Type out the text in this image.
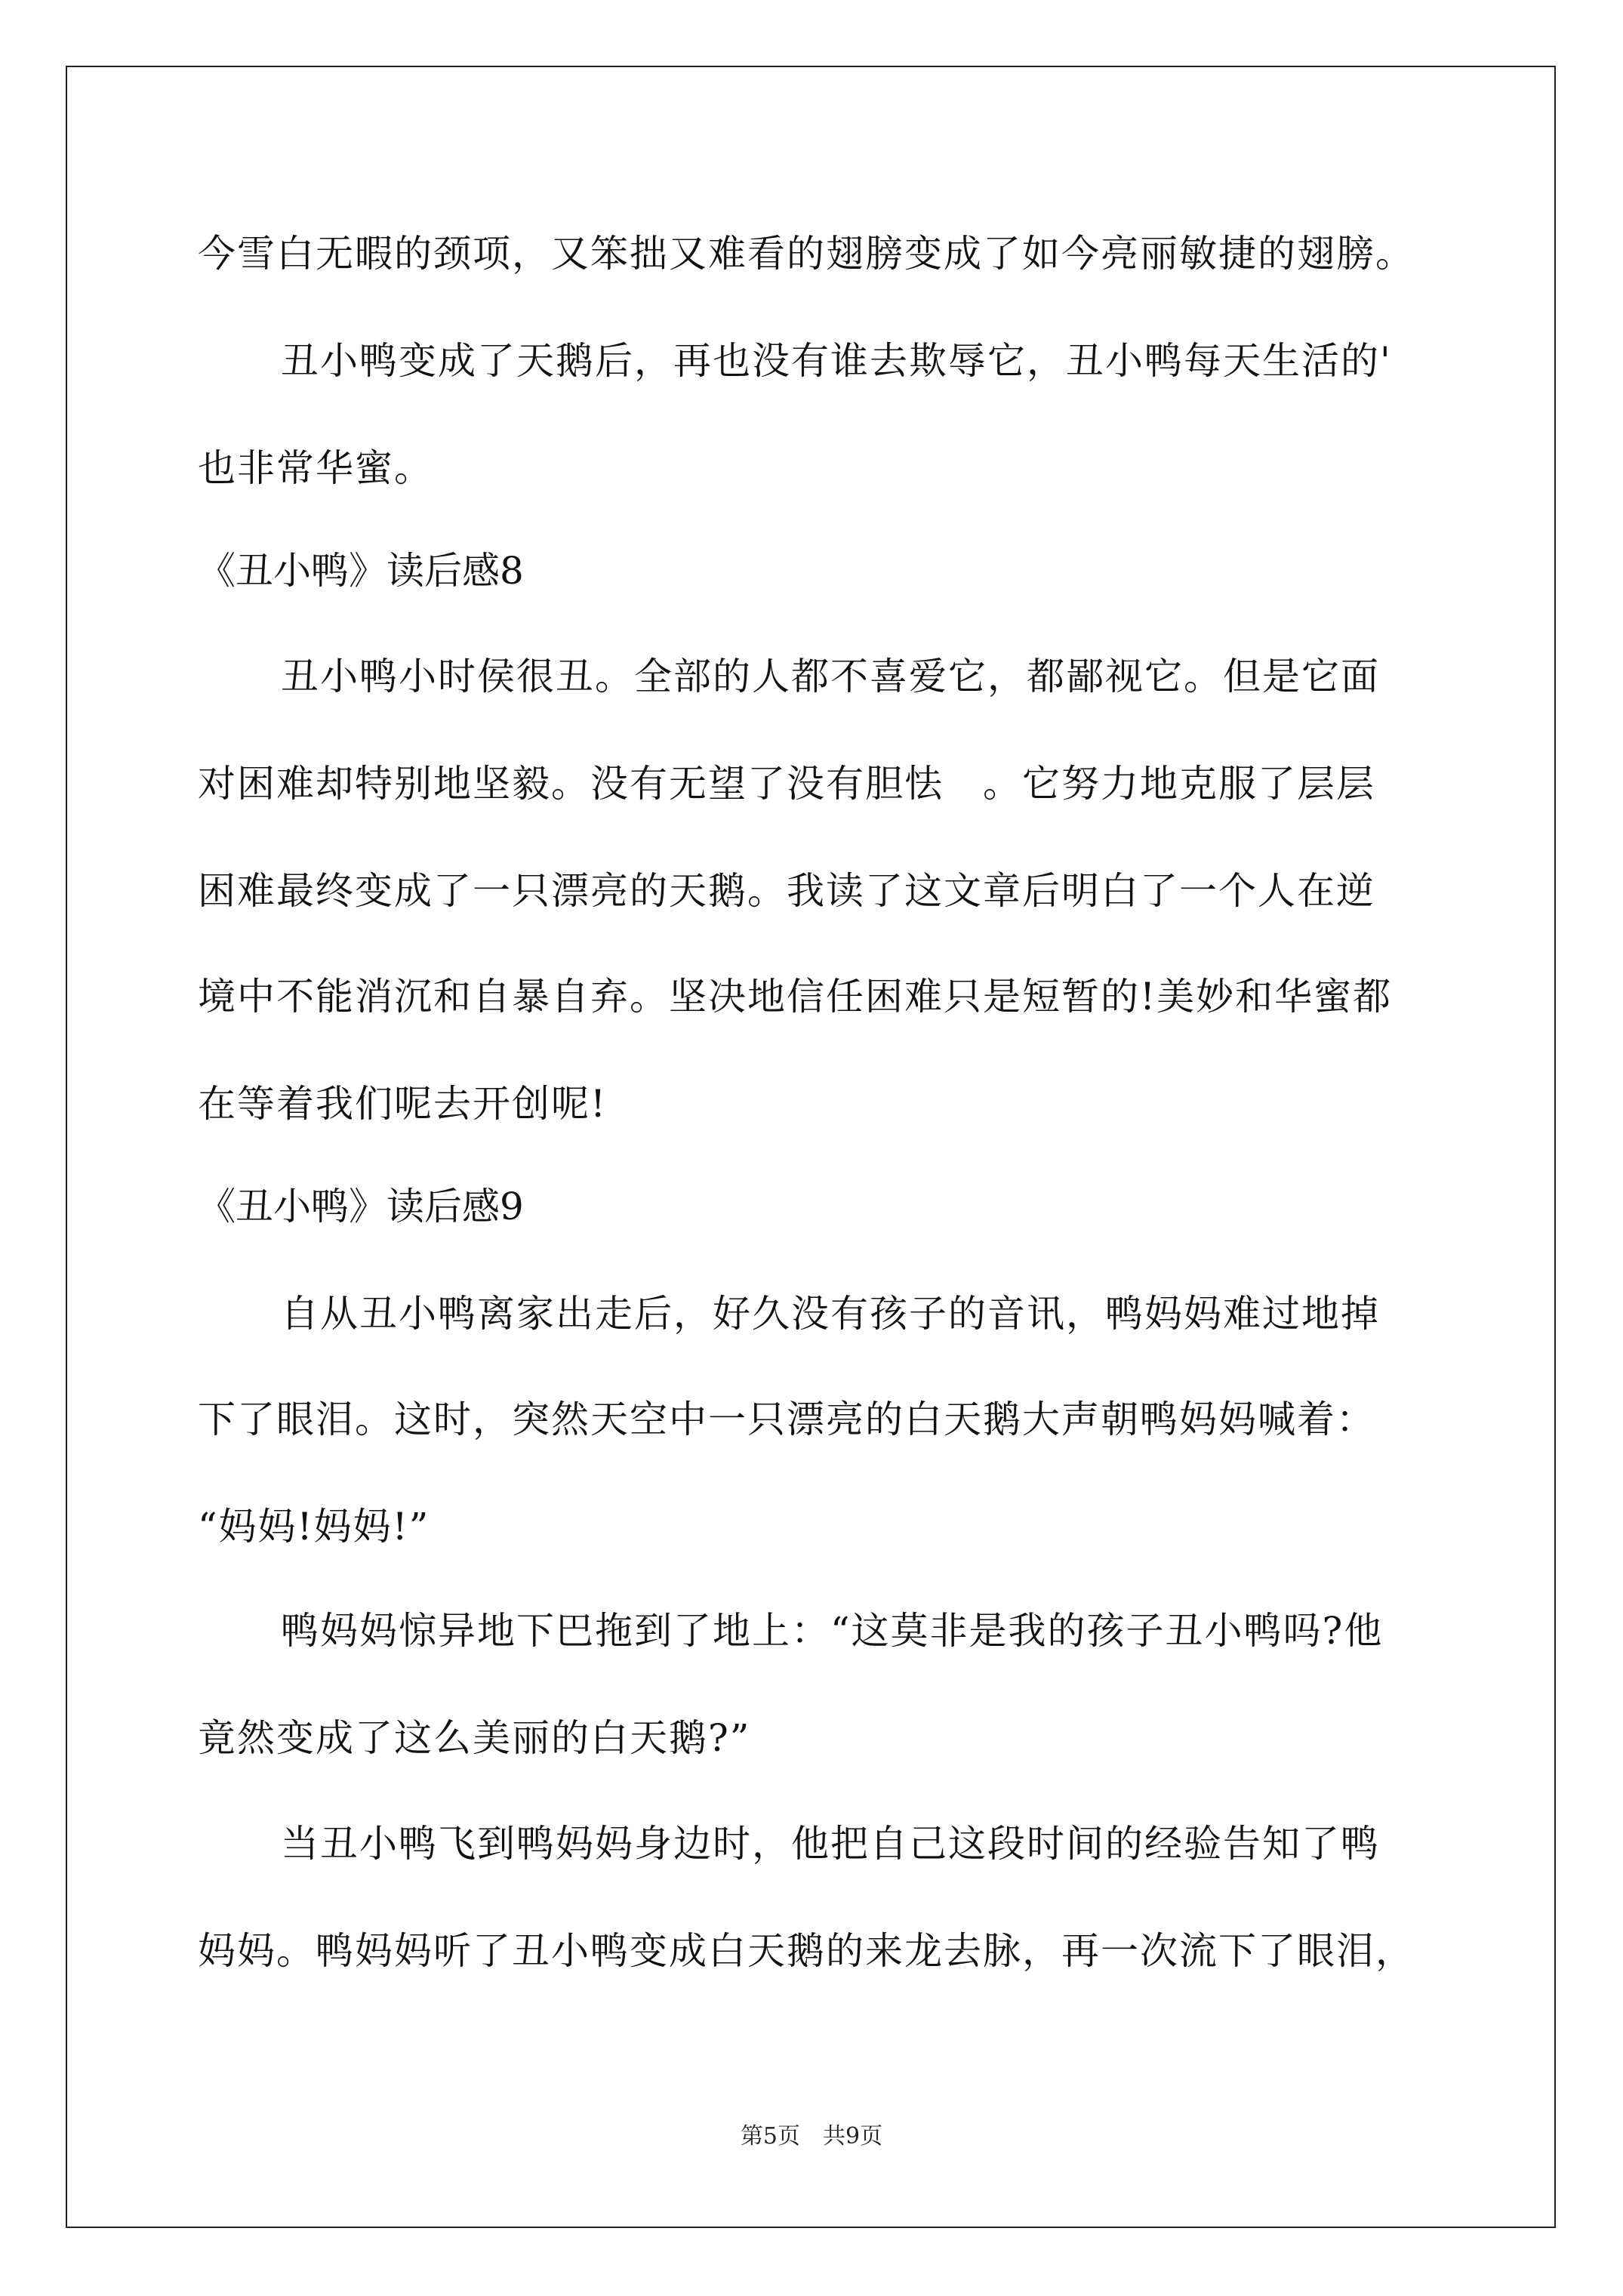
今雪白无暇的颈项，又笨拙又难看的翅膀变成了如今亮丽敏捷的翅膀。
丑小鸭变成了天鹅后，再也没有谁去欺辱它，丑小鸭每天生活的'
也非常华蜜。
《丑小鸭》读后感8
丑小鸭小时侯很丑。全部的人都不喜爱它，都鄙视它。但是它面
对困难却特别地坚毅。没有无望了没有胆怯　。它努力地克服了层层
困难最终变成了一只漂亮的天鹅。我读了这文章后明白了一个人在逆
境中不能消沉和自暴自弃。坚决地信任困难只是短暂的!美妙和华蜜都
在等着我们呢去开创呢!
《丑小鸭》读后感9
自从丑小鸭离家出走后，好久没有孩子的音讯，鸭妈妈难过地掉
下了眼泪。这时，突然天空中一只漂亮的白天鹅大声朝鸭妈妈喊着：
“妈妈!妈妈!”
鸭妈妈惊异地下巴拖到了地上：“这莫非是我的孩子丑小鸭吗?他
竟然变成了这么美丽的白天鹅?”
当丑小鸭飞到鸭妈妈身边时，他把自己这段时间的经验告知了鸭
妈妈。鸭妈妈听了丑小鸭变成白天鹅的来龙去脉，再一次流下了眼泪，
第5页　共9页
